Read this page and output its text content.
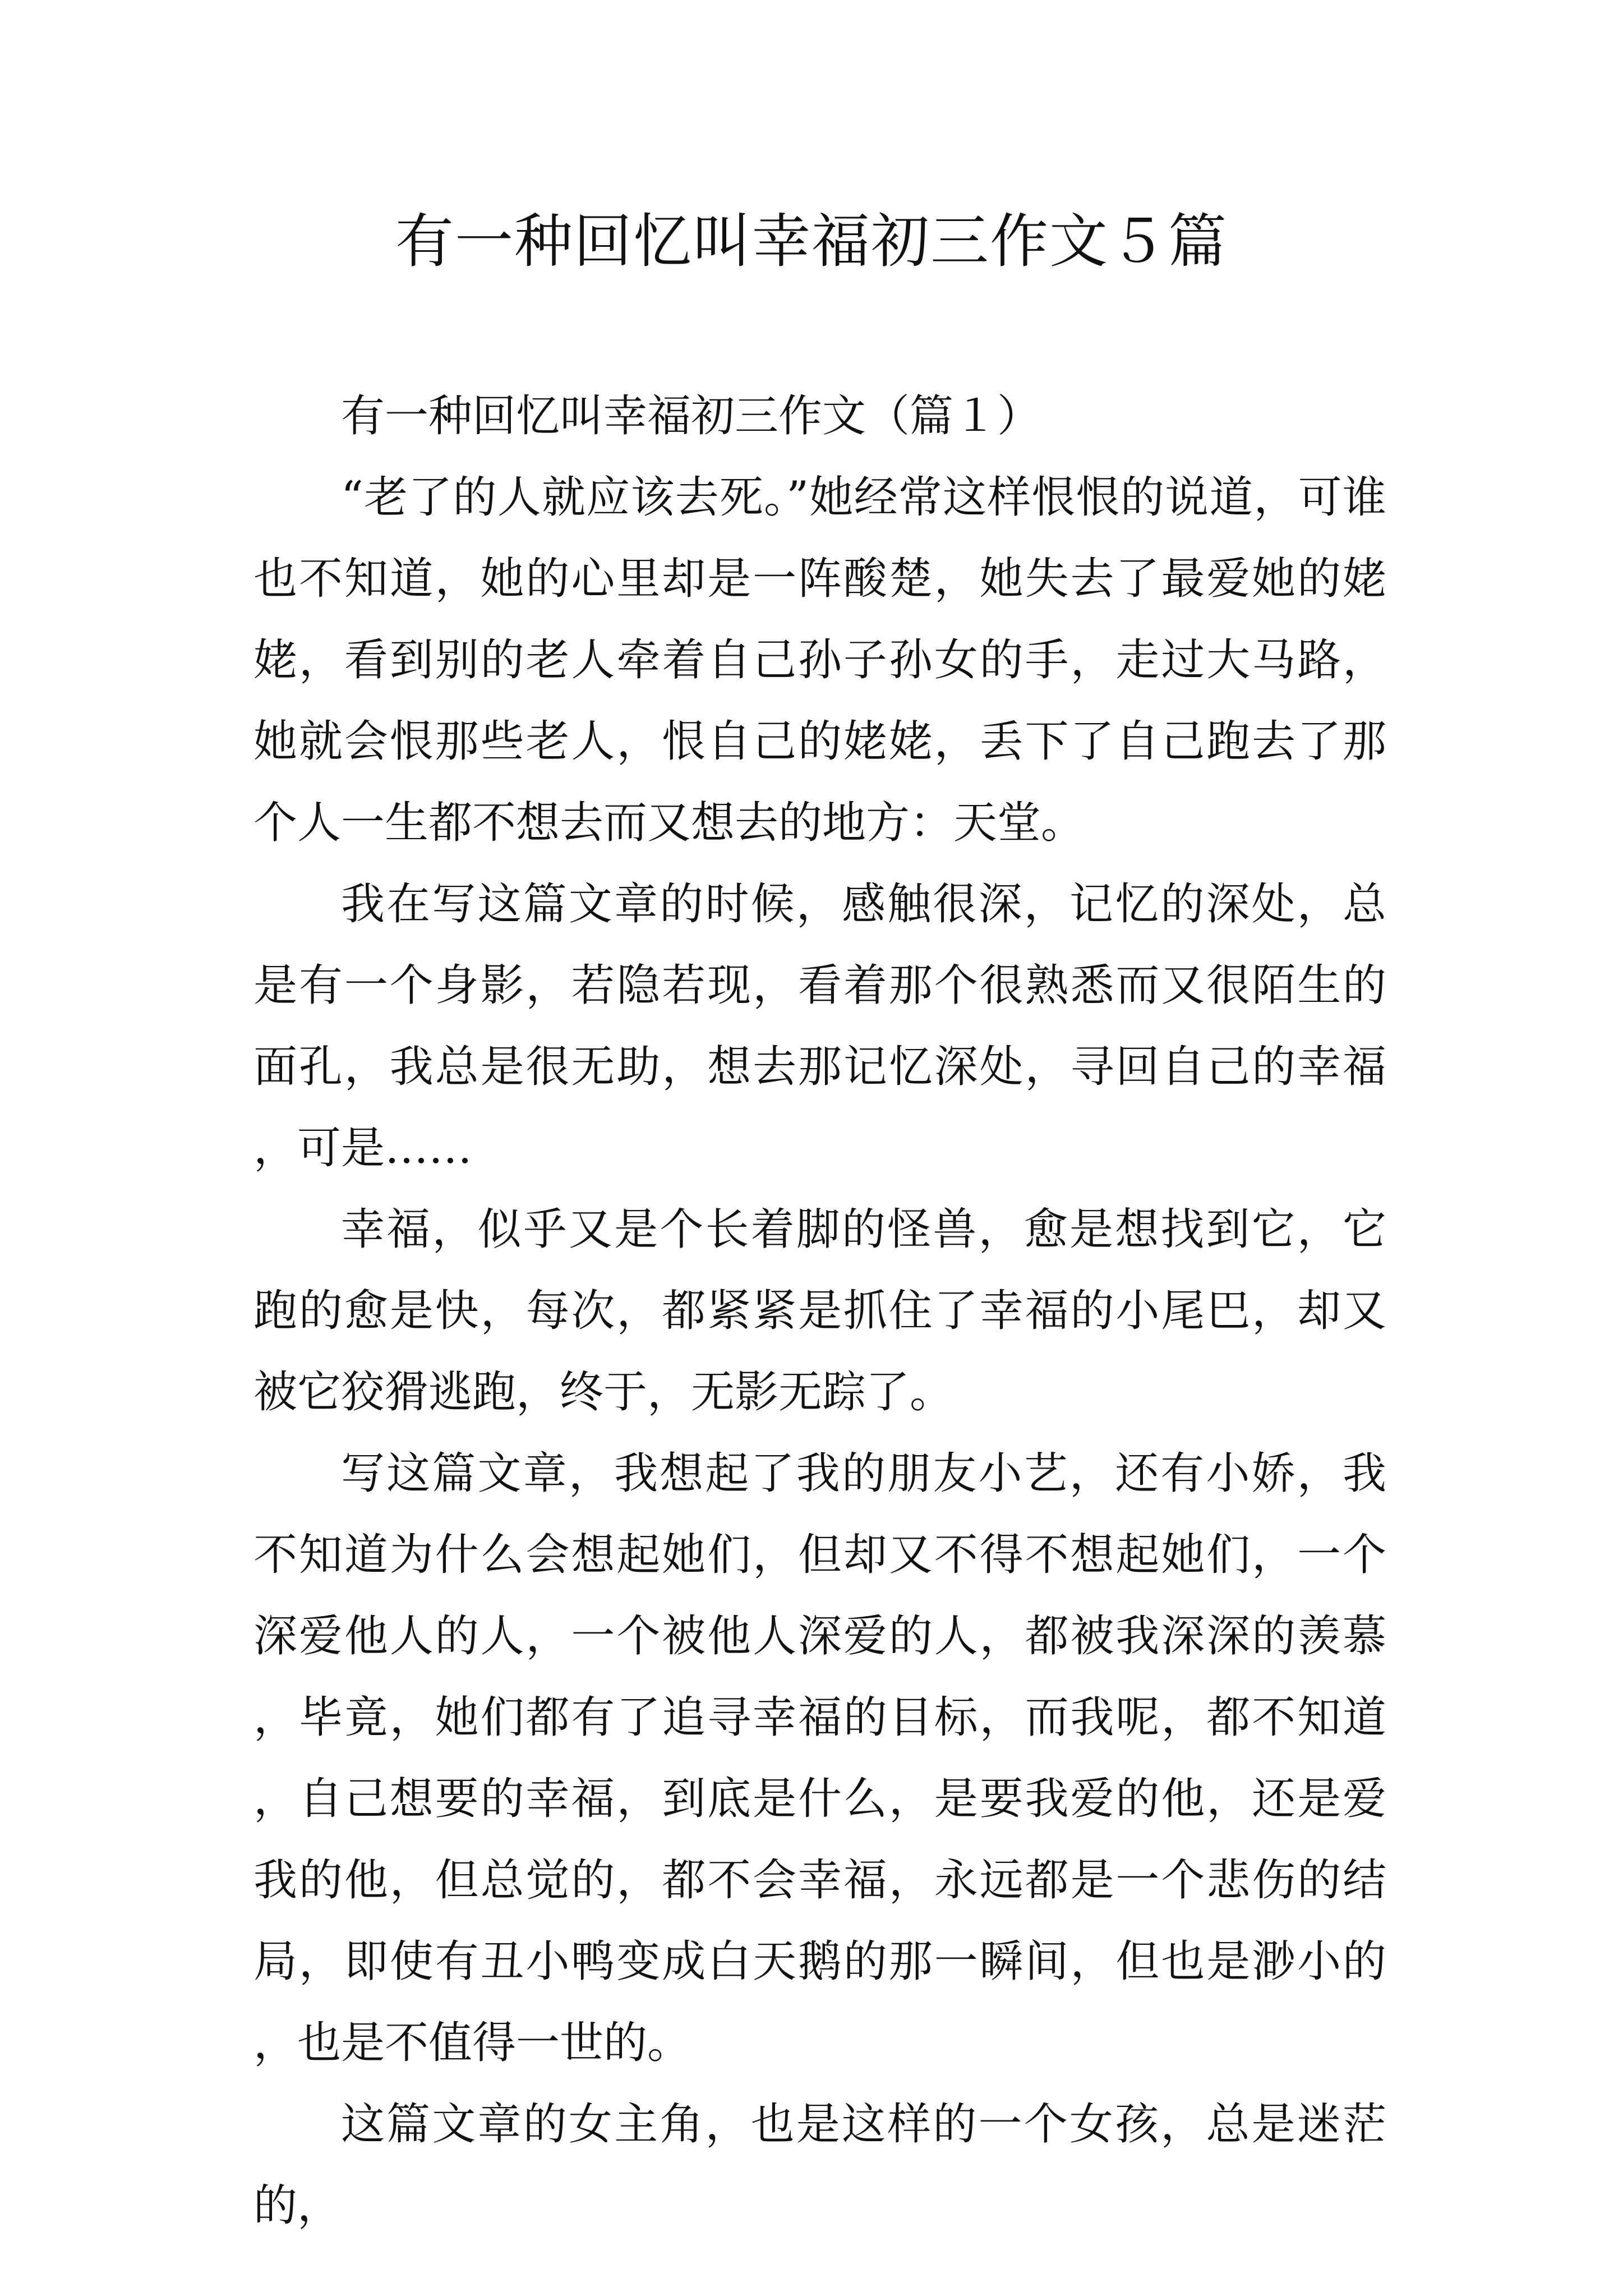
有一种回忆叫幸福初三作文５篇

有一种回忆叫幸福初三作文（篇１）

“老了的人就应该去死。”她经常这样恨恨的说道，可谁也不知道，她的心里却是一阵酸楚，她失去了最爱她的姥姥，看到别的老人牵着自己孙子孙女的手，走过大马路，她就会恨那些老人，恨自己的姥姥，丢下了自己跑去了那个人一生都不想去而又想去的地方：天堂。

我在写这篇文章的时候，感触很深，记忆的深处，总是有一个身影，若隐若现，看着那个很熟悉而又很陌生的面孔，我总是很无助，想去那记忆深处，寻回自己的幸福，可是……

幸福，似乎又是个长着脚的怪兽，愈是想找到它，它跑的愈是快，每次，都紧紧是抓住了幸福的小尾巴，却又被它狡猾逃跑，终于，无影无踪了。

写这篇文章，我想起了我的朋友小艺，还有小娇，我不知道为什么会想起她们，但却又不得不想起她们，一个深爱他人的人，一个被他人深爱的人，都被我深深的羡慕，毕竟，她们都有了追寻幸福的目标，而我呢，都不知道，自己想要的幸福，到底是什么，是要我爱的他，还是爱我的他，但总觉的，都不会幸福，永远都是一个悲伤的结局，即使有丑小鸭变成白天鹅的那一瞬间，但也是渺小的，也是不值得一世的。

这篇文章的女主角，也是这样的一个女孩，总是迷茫的，
